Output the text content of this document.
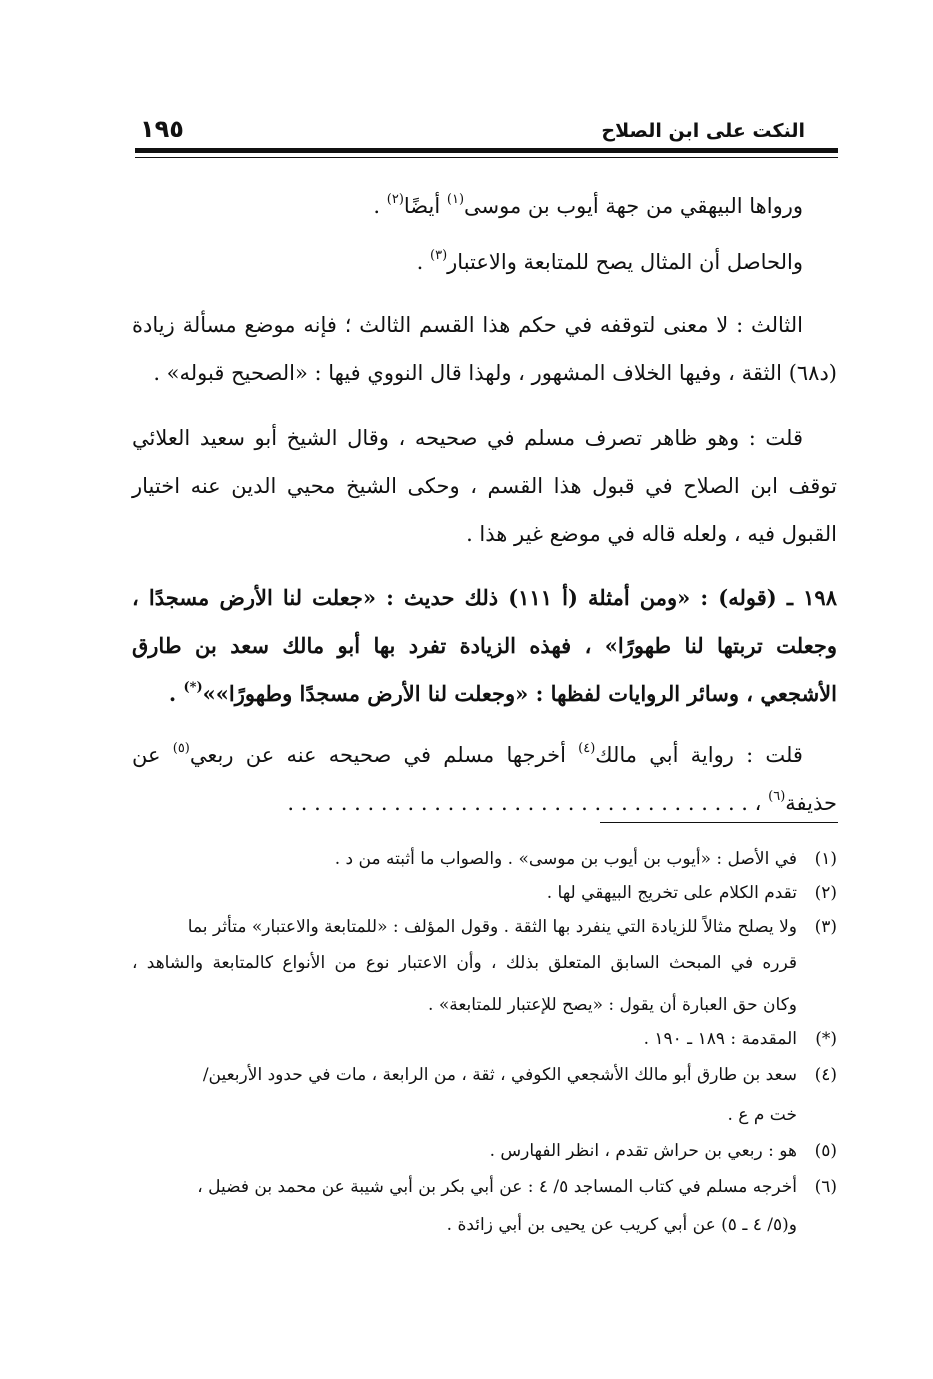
النكت على ابن الصلاح
١٩٥
ورواها البيهقي من جهة أيوب بن موسى$^{(١)}$ أيضًا$^{(٢)}$ .
والحاصل أن المثال يصح للمتابعة والاعتبار$^{(٣)}$ .
الثالث : لا معنى لتوقفه في حكم هذا القسم الثالث ؛ فإنه موضع مسألة زيادة
(د٦٨) الثقة ، وفيها الخلاف المشهور ، ولهذا قال النووي فيها : «الصحيح قبوله» .
قلت : وهو ظاهر تصرف مسلم في صحيحه ، وقال الشيخ أبو سعيد العلائي
توقف ابن الصلاح في قبول هذا القسم ، وحكى الشيخ محيي الدين عنه اختيار
القبول فيه ، ولعله قاله في موضع غير هذا .
١٩٨ ـ (قوله) : «ومن أمثلة (أ ١١١) ذلك حديث : «جعلت لنا الأرض مسجدًا ،
وجعلت تربتها لنا طهورًا» ، فهذه الزيادة تفرد بها أبو مالك سعد بن طارق
الأشجعي ، وسائر الروايات لفظها : «وجعلت لنا الأرض مسجدًا وطهورًا»»(*) .
قلت : رواية أبي مالك$^{(٤)}$ أخرجها مسلم في صحيحه عنه عن ربعي$^{(٥)}$ عن
حذيفة$^{(٦)}$ ، . . . . . . . . . . . . . . . . . . . . . . . . . . . . . . . . . . .
(١)في الأصل : «أيوب بن أيوب بن موسى» . والصواب ما أثبته من د .
(٢)تقدم الكلام على تخريج البيهقي لها .
(٣)ولا يصلح مثالاً للزيادة التي ينفرد بها الثقة . وقول المؤلف : «للمتابعة والاعتبار» متأثر بما
قرره في المبحث السابق المتعلق بذلك ، وأن الاعتبار نوع من الأنواع كالمتابعة والشاهد ،
وكان حق العبارة أن يقول : «يصح للإعتبار للمتابعة» .
(*)المقدمة : ١٨٩ ـ ١٩٠ .
(٤)سعد بن طارق أبو مالك الأشجعي الكوفي ، ثقة ، من الرابعة ، مات في حدود الأربعين/
خت م ع .
(٥)هو : ربعي بن حراش تقدم ، انظر الفهارس .
(٦)أخرجه مسلم في كتاب المساجد ٥/ ٤ : عن أبي بكر بن أبي شيبة عن محمد بن فضيل ،
و(٥/ ٤ ـ ٥) عن أبي كريب عن يحيى بن أبي زائدة .
